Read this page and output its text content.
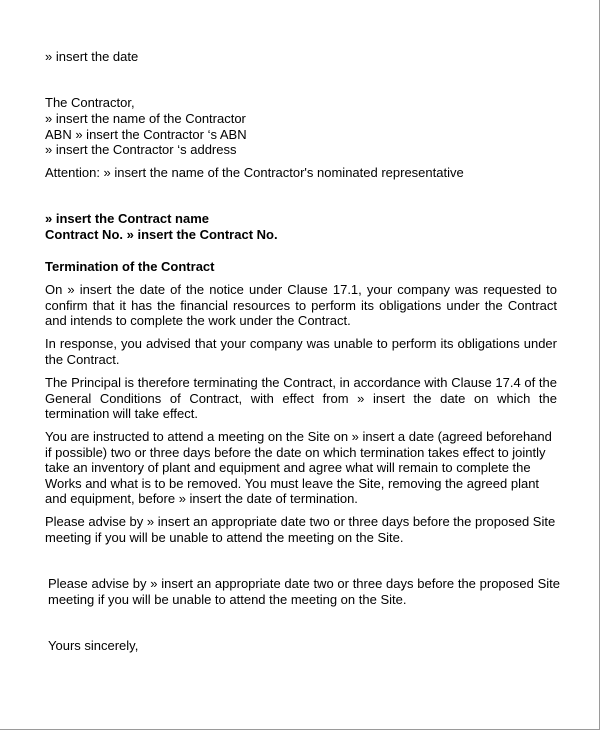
» insert the date
The Contractor,
» insert the name of the Contractor
ABN » insert the Contractor ‘s ABN
» insert the Contractor ‘s address
Attention: » insert the name of the Contractor's nominated representative
» insert the Contract name
Contract No. » insert the Contract No.
Termination of the Contract
On » insert the date of the notice under Clause 17.1, your company was requested to confirm that it has the financial resources to perform its obligations under the Contract and intends to complete the work under the Contract.
In response, you advised that your company was unable to perform its obligations under the Contract.
The Principal is therefore terminating the Contract, in accordance with Clause 17.4 of the General Conditions of Contract, with effect from » insert the date on which the termination will take effect.
You are instructed to attend a meeting on the Site on » insert a date (agreed beforehand if possible) two or three days before the date on which termination takes effect to jointly take an inventory of plant and equipment and agree what will remain to complete the Works and what is to be removed. You must leave the Site, removing the agreed plant and equipment, before » insert the date of termination.
Please advise by » insert an appropriate date two or three days before the proposed Site meeting if you will be unable to attend the meeting on the Site.
Please advise by » insert an appropriate date two or three days before the proposed Site meeting if you will be unable to attend the meeting on the Site.
Yours sincerely,
